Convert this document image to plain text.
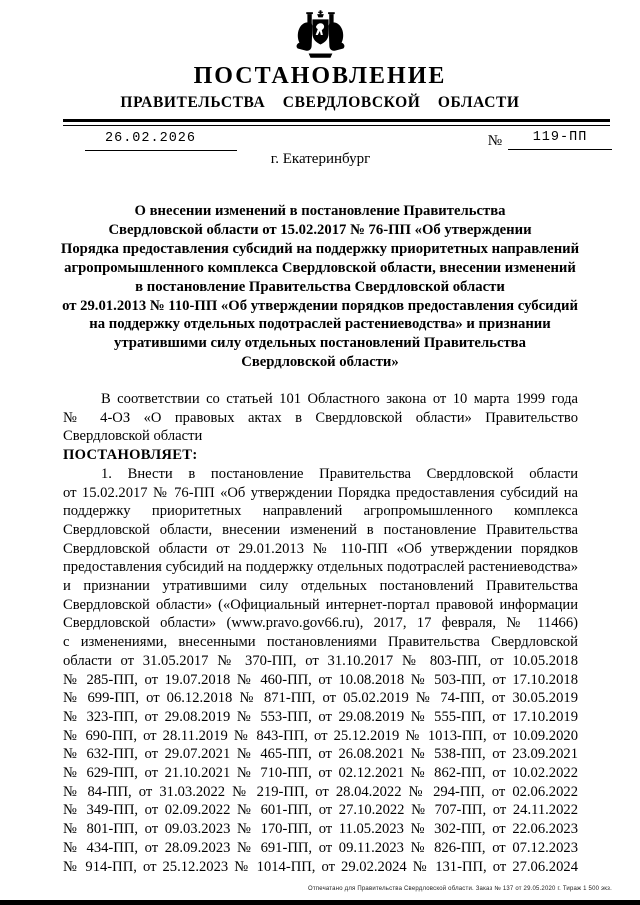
ПОСТАНОВЛЕНИЕ
ПРАВИТЕЛЬСТВА СВЕРДЛОВСКОЙ ОБЛАСТИ
26.02.2026	№ 119-ПП
г. Екатеринбург
О внесении изменений в постановление Правительства
Свердловской области от 15.02.2017 № 76-ПП «Об утверждении
Порядка предоставления субсидий на поддержку приоритетных направлений
агропромышленного комплекса Свердловской области, внесении изменений
в постановление Правительства Свердловской области
от 29.01.2013 № 110-ПП «Об утверждении порядков предоставления субсидий
на поддержку отдельных подотраслей растениеводства» и признании
утратившими силу отдельных постановлений Правительства
Свердловской области»
В соответствии со статьей 101 Областного закона от 10 марта 1999 года
№ 4-ОЗ «О правовых актах в Свердловской области» Правительство
Свердловской области
ПОСТАНОВЛЯЕТ:
1. Внести в постановление Правительства Свердловской области
от 15.02.2017 № 76-ПП «Об утверждении Порядка предоставления субсидий на
поддержку приоритетных направлений агропромышленного комплекса
Свердловской области, внесении изменений в постановление Правительства
Свердловской области от 29.01.2013 № 110-ПП «Об утверждении порядков
предоставления субсидий на поддержку отдельных подотраслей растениеводства»
и признании утратившими силу отдельных постановлений Правительства
Свердловской области» («Официальный интернет-портал правовой информации
Свердловской области» (www.pravo.gov66.ru), 2017, 17 февраля, № 11466)
с изменениями, внесенными постановлениями Правительства Свердловской
области от 31.05.2017 № 370-ПП, от 31.10.2017 № 803-ПП, от 10.05.2018
№ 285-ПП, от 19.07.2018 № 460-ПП, от 10.08.2018 № 503-ПП, от 17.10.2018
№ 699-ПП, от 06.12.2018 № 871-ПП, от 05.02.2019 № 74-ПП, от 30.05.2019
№ 323-ПП, от 29.08.2019 № 553-ПП, от 29.08.2019 № 555-ПП, от 17.10.2019
№ 690-ПП, от 28.11.2019 № 843-ПП, от 25.12.2019 № 1013-ПП, от 10.09.2020
№ 632-ПП, от 29.07.2021 № 465-ПП, от 26.08.2021 № 538-ПП, от 23.09.2021
№ 629-ПП, от 21.10.2021 № 710-ПП, от 02.12.2021 № 862-ПП, от 10.02.2022
№ 84-ПП, от 31.03.2022 № 219-ПП, от 28.04.2022 № 294-ПП, от 02.06.2022
№ 349-ПП, от 02.09.2022 № 601-ПП, от 27.10.2022 № 707-ПП, от 24.11.2022
№ 801-ПП, от 09.03.2023 № 170-ПП, от 11.05.2023 № 302-ПП, от 22.06.2023
№ 434-ПП, от 28.09.2023 № 691-ПП, от 09.11.2023 № 826-ПП, от 07.12.2023
№ 914-ПП, от 25.12.2023 № 1014-ПП, от 29.02.2024 № 131-ПП, от 27.06.2024
Отпечатано для Правительства Свердловской области. Заказ № 137 от 29.05.2020 г. Тираж 1 500 экз.
